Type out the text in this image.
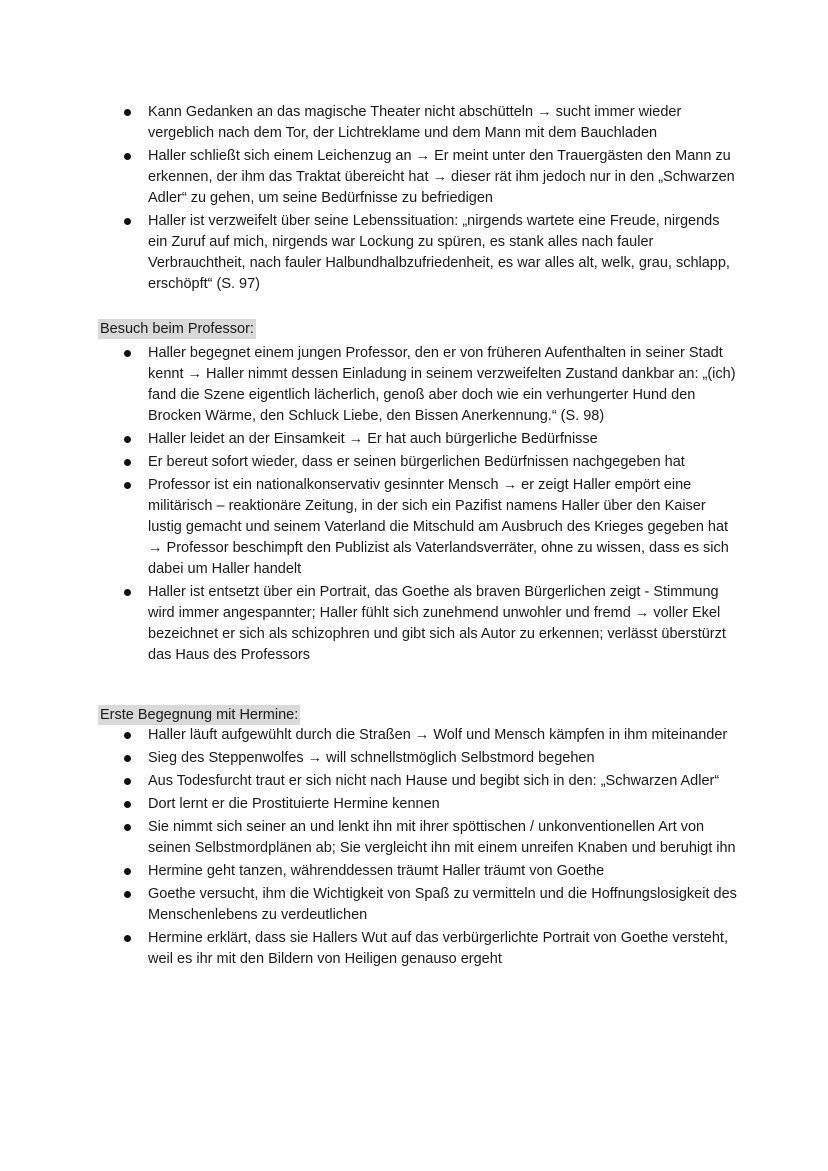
Kann Gedanken an das magische Theater nicht abschütteln → sucht immer wieder vergeblich nach dem Tor, der Lichtreklame und dem Mann mit dem Bauchladen
Haller schließt sich einem Leichenzug an → Er meint unter den Trauergästen den Mann zu erkennen, der ihm das Traktat übereicht hat → dieser rät ihm jedoch nur in den „Schwarzen Adler“ zu gehen, um seine Bedürfnisse zu befriedigen
Haller ist verzweifelt über seine Lebenssituation: „nirgends wartete eine Freude, nirgends ein Zuruf auf mich, nirgends war Lockung zu spüren, es stank alles nach fauler Verbrauchtheit, nach fauler Halbundhalbzufriedenheit, es war alles alt, welk, grau, schlapp, erschöpft“ (S. 97)
Besuch beim Professor:
Haller begegnet einem jungen Professor, den er von früheren Aufenthalten in seiner Stadt kennt → Haller nimmt dessen Einladung in seinem verzweifelten Zustand dankbar an: „(ich) fand die Szene eigentlich lächerlich, genoß aber doch wie ein verhungerter Hund den Brocken Wärme, den Schluck Liebe, den Bissen Anerkennung.“ (S. 98)
Haller leidet an der Einsamkeit → Er hat auch bürgerliche Bedürfnisse
Er bereut sofort wieder, dass er seinen bürgerlichen Bedürfnissen nachgegeben hat
Professor ist ein nationalkonservativ gesinnter Mensch → er zeigt Haller empört eine militärisch – reaktionäre Zeitung, in der sich ein Pazifist namens Haller über den Kaiser lustig gemacht und seinem Vaterland die Mitschuld am Ausbruch des Krieges gegeben hat → Professor beschimpft den Publizist als Vaterlandsverräter, ohne zu wissen, dass es sich dabei um Haller handelt
Haller ist entsetzt über ein Portrait, das Goethe als braven Bürgerlichen zeigt - Stimmung wird immer angespannter; Haller fühlt sich zunehmend unwohler und fremd → voller Ekel bezeichnet er sich als schizophren und gibt sich als Autor zu erkennen; verlässt überstürzt das Haus des Professors
Erste Begegnung mit Hermine:
Haller läuft aufgewühlt durch die Straßen → Wolf und Mensch kämpfen in ihm miteinander
Sieg des Steppenwolfes → will schnellstmöglich Selbstmord begehen
Aus Todesfurcht traut er sich nicht nach Hause und begibt sich in den: „Schwarzen Adler“
Dort lernt er die Prostituierte Hermine kennen
Sie nimmt sich seiner an und lenkt ihn mit ihrer spöttischen / unkonventionellen Art von seinen Selbstmordplänen ab; Sie vergleicht ihn mit einem unreifen Knaben und beruhigt ihn
Hermine geht tanzen, währenddessen träumt Haller träumt von Goethe
Goethe versucht, ihm die Wichtigkeit von Spaß zu vermitteln und die Hoffnungslosigkeit des Menschenlebens zu verdeutlichen
Hermine erklärt, dass sie Hallers Wut auf das verbürgerlichte Portrait von Goethe versteht, weil es ihr mit den Bildern von Heiligen genauso ergeht
